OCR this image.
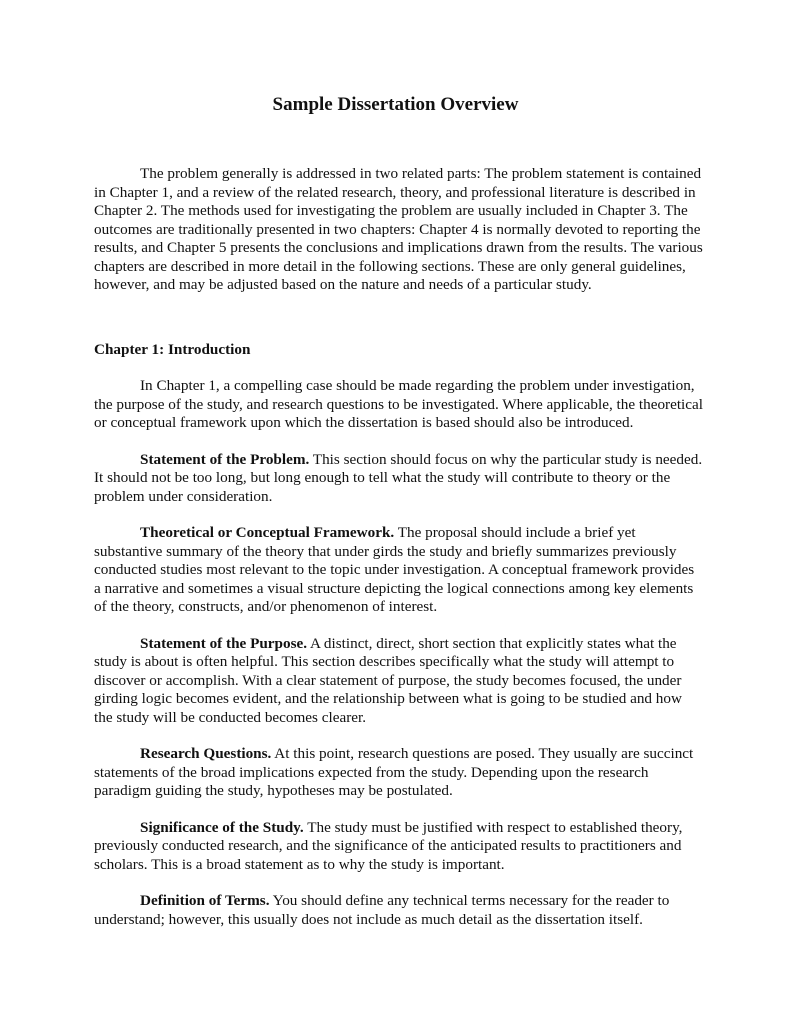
Sample Dissertation Overview

The problem generally is addressed in two related parts: The problem statement is contained in Chapter 1, and a review of the related research, theory, and professional literature is described in Chapter 2. The methods used for investigating the problem are usually included in Chapter 3. The outcomes are traditionally presented in two chapters: Chapter 4 is normally devoted to reporting the results, and Chapter 5 presents the conclusions and implications drawn from the results. The various chapters are described in more detail in the following sections. These are only general guidelines, however, and may be adjusted based on the nature and needs of a particular study.

Chapter 1: Introduction

In Chapter 1, a compelling case should be made regarding the problem under investigation, the purpose of the study, and research questions to be investigated. Where applicable, the theoretical or conceptual framework upon which the dissertation is based should also be introduced.

Statement of the Problem. This section should focus on why the particular study is needed. It should not be too long, but long enough to tell what the study will contribute to theory or the problem under consideration.

Theoretical or Conceptual Framework. The proposal should include a brief yet substantive summary of the theory that under girds the study and briefly summarizes previously conducted studies most relevant to the topic under investigation. A conceptual framework provides a narrative and sometimes a visual structure depicting the logical connections among key elements of the theory, constructs, and/or phenomenon of interest.

Statement of the Purpose. A distinct, direct, short section that explicitly states what the study is about is often helpful. This section describes specifically what the study will attempt to discover or accomplish. With a clear statement of purpose, the study becomes focused, the under girding logic becomes evident, and the relationship between what is going to be studied and how the study will be conducted becomes clearer.

Research Questions. At this point, research questions are posed. They usually are succinct statements of the broad implications expected from the study. Depending upon the research paradigm guiding the study, hypotheses may be postulated.

Significance of the Study. The study must be justified with respect to established theory, previously conducted research, and the significance of the anticipated results to practitioners and scholars. This is a broad statement as to why the study is important.

Definition of Terms. You should define any technical terms necessary for the reader to understand; however, this usually does not include as much detail as the dissertation itself.
